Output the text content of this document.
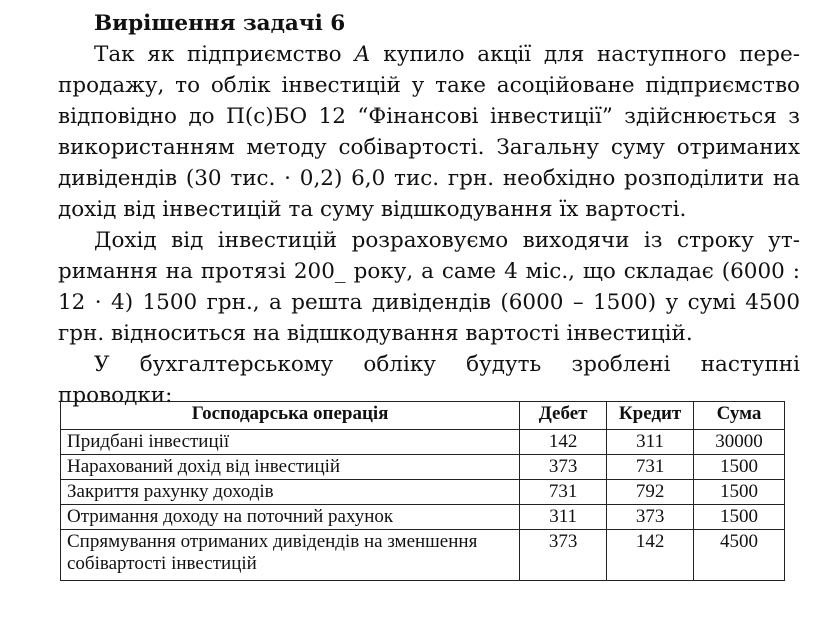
Вирішення задачі 6

Так як підприємство А купило акції для наступного пере-продажу, то облік інвестицій у таке асоційоване підприємство відповідно до П(с)БО 12 “Фінансові інвестиції” здійснюється з використанням методу собівартості. Загальну суму отриманих дивідендів (30 тис. · 0,2) 6,0 тис. грн. необхідно розподілити на дохід від інвестицій та суму відшкодування їх вартості.

Дохід від інвестицій розраховуємо виходячи із строку ут-римання на протязі 200_ року, а саме 4 міс., що складає (6000 : 12 · 4) 1500 грн., а решта дивідендів (6000 – 1500) у сумі 4500 грн. відноситься на відшкодування вартості інвестицій.

У бухгалтерському обліку будуть зроблені наступні проводки:

Господарська операція	Дебет	Кредит	Сума
Придбані інвестиції	142	311	30000
Нарахований дохід від інвестицій	373	731	1500
Закриття рахунку доходів	731	792	1500
Отримання доходу на поточний рахунок	311	373	1500
Спрямування отриманих дивідендів на зменшення собівартості інвестицій	373	142	4500
